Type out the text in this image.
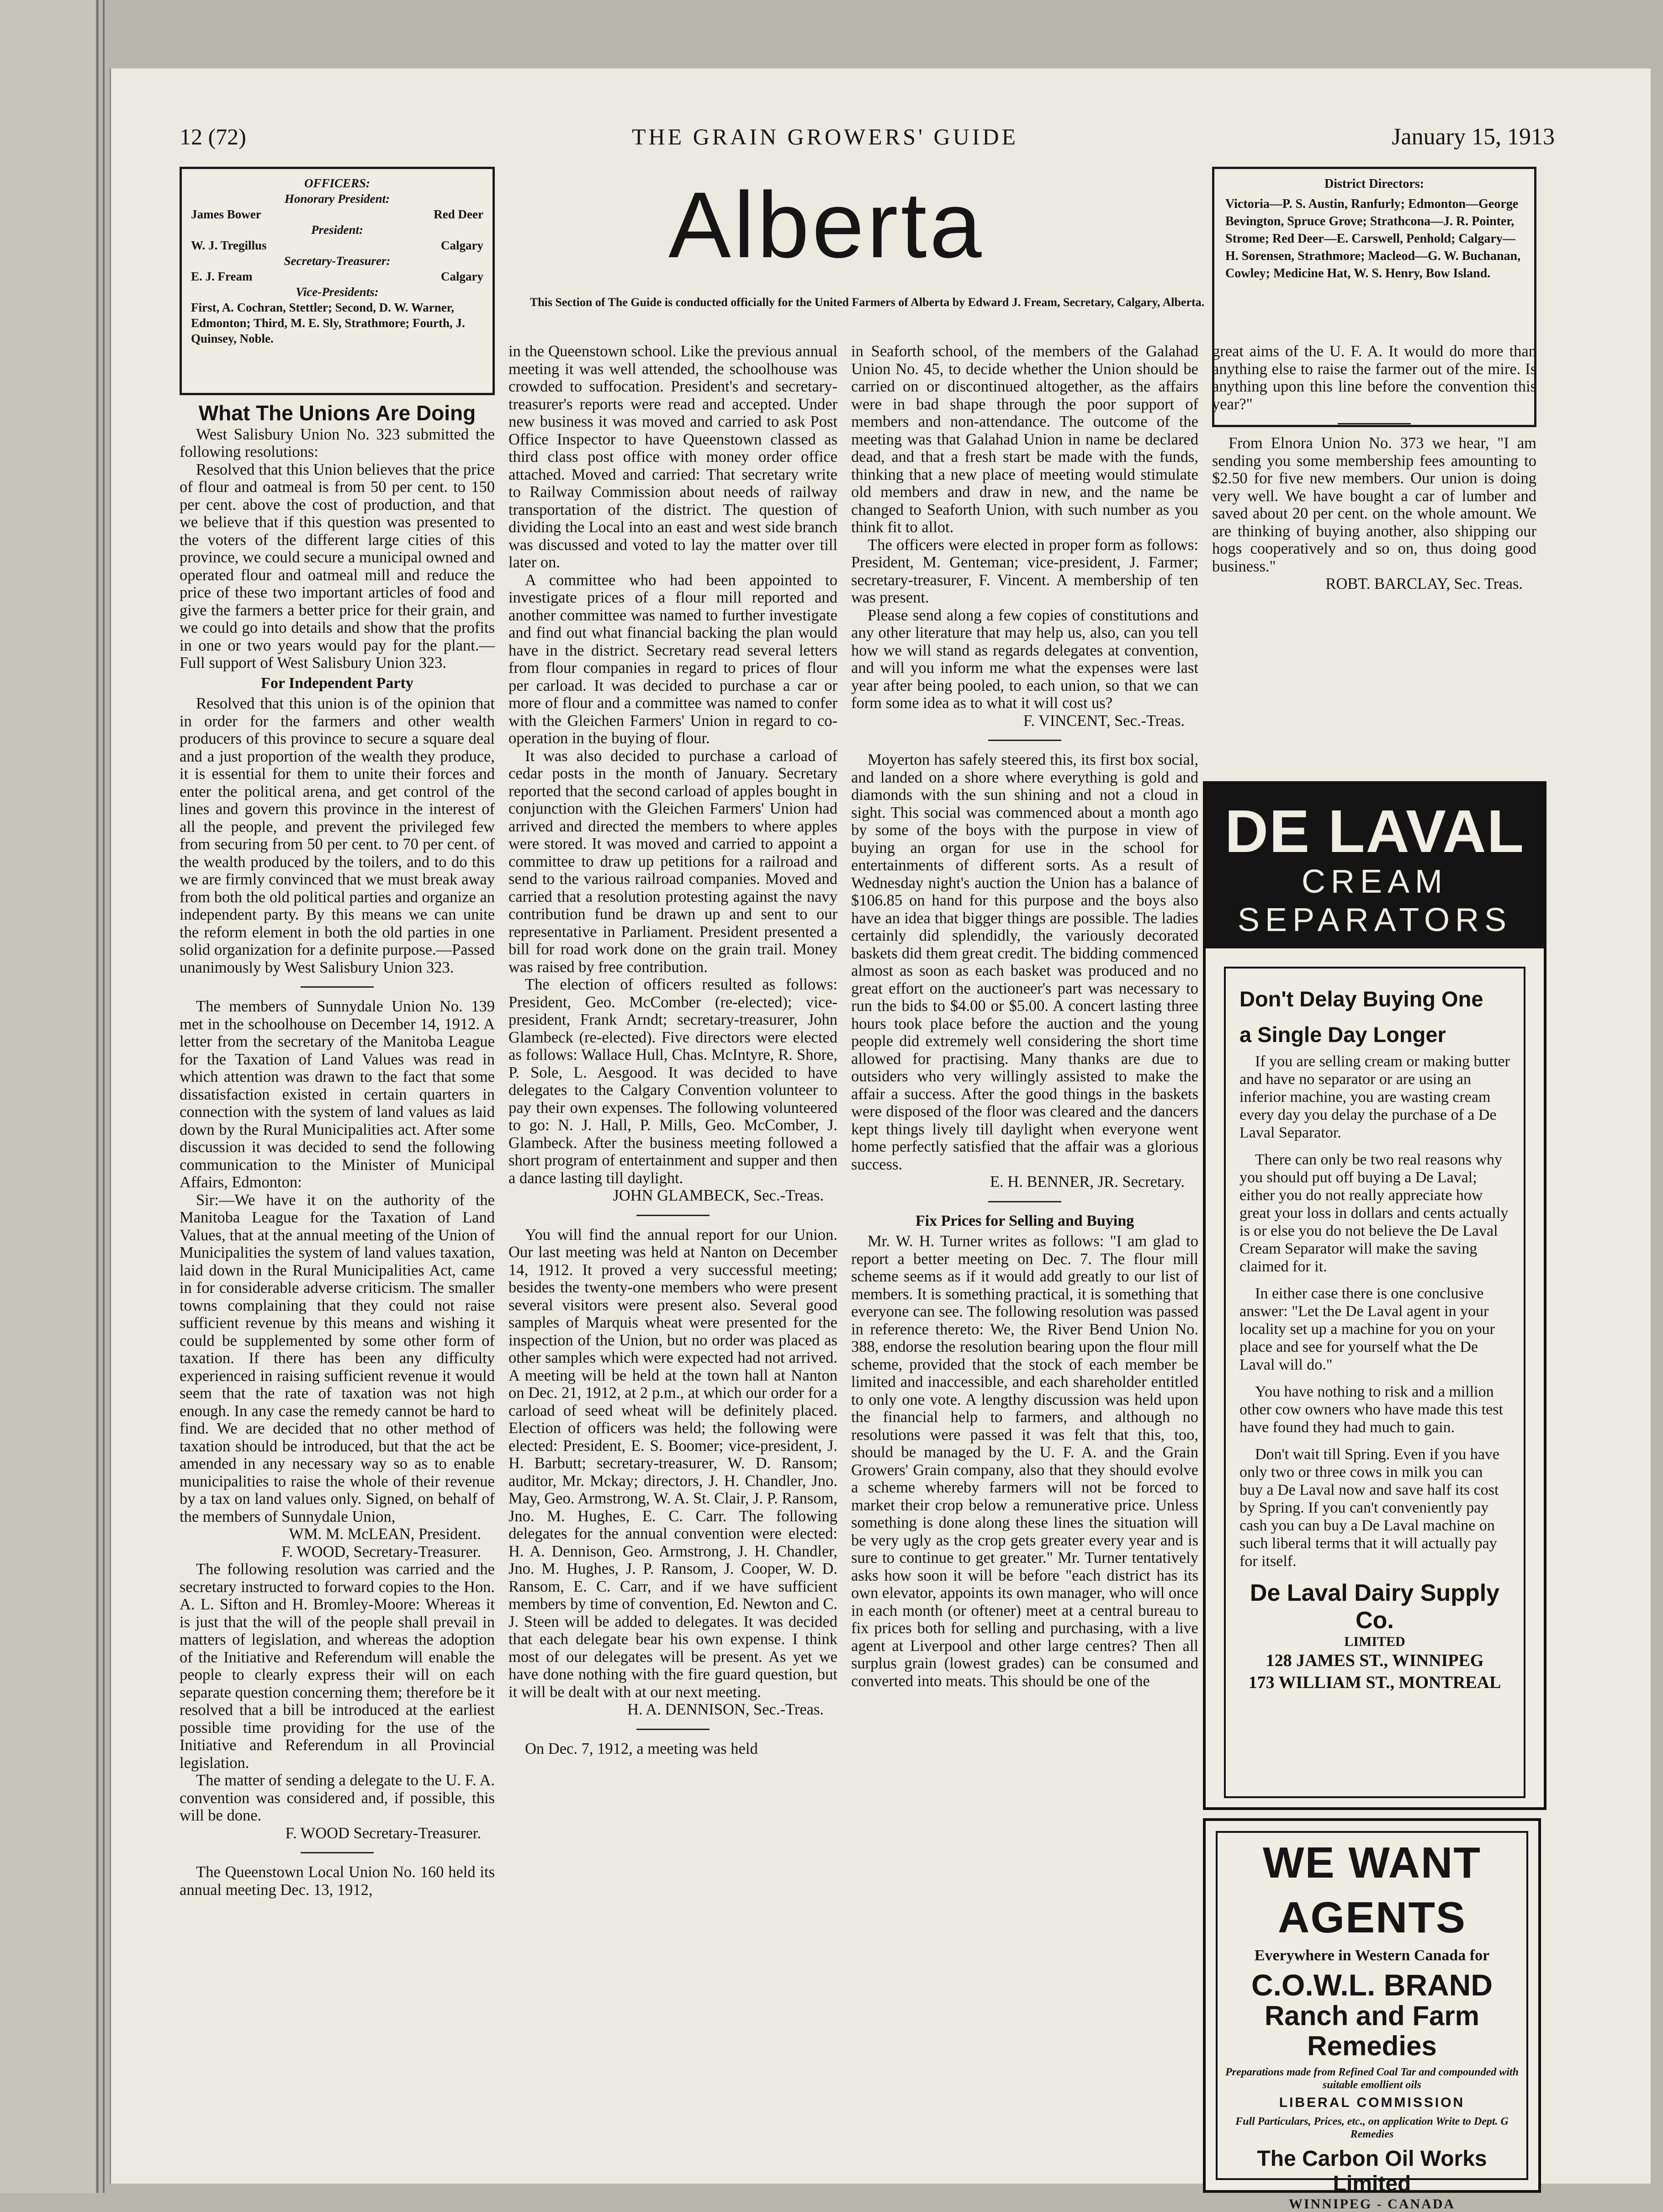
12 (72)	THE GRAIN GROWERS' GUIDE	January 15, 1913
OFFICERS:
Honorary President:
James Bower	Red Deer
President:
W. J. Tregillus	Calgary
Secretary-Treasurer:
E. J. Fream	Calgary
Vice-Presidents:
First, A. Cochran, Stettler; Second, D. W. Warner, Edmonton; Third, M. E. Sly, Strathmore; Fourth, J. Quinsey, Noble.
Alberta
This Section of The Guide is conducted officially for the United Farmers of Alberta by Edward J. Fream, Secretary, Calgary, Alberta.
District Directors:
Victoria—P. S. Austin, Ranfurly; Edmonton—George Bevington, Spruce Grove; Strathcona—J. R. Pointer, Strome; Red Deer—E. Carswell, Penhold; Calgary—H. Sorensen, Strathmore; Macleod—G. W. Buchanan, Cowley; Medicine Hat, W. S. Henry, Bow Island.
What The Unions Are Doing

West Salisbury Union No. 323 submitted the following resolutions:

Resolved that this Union believes that the price of flour and oatmeal is from 50 per cent. to 150 per cent. above the cost of production, and that we believe that if this question was presented to the voters of the different large cities of this province, we could secure a municipal owned and operated flour and oatmeal mill and reduce the price of these two important articles of food and give the farmers a better price for their grain, and we could go into details and show that the profits in one or two years would pay for the plant.—Full support of West Salisbury Union 323.

For Independent Party

Resolved that this union is of the opinion that in order for the farmers and other wealth producers of this province to secure a square deal and a just proportion of the wealth they produce, it is essential for them to unite their forces and enter the political arena, and get control of the lines and govern this province in the interest of all the people, and prevent the privileged few from securing from 50 per cent. to 70 per cent. of the wealth produced by the toilers, and to do this we are firmly convinced that we must break away from both the old political parties and organize an independent party. By this means we can unite the reform element in both the old parties in one solid organization for a definite purpose.—Passed unanimously by West Salisbury Union 323.

The members of Sunnydale Union No. 139 met in the schoolhouse on December 14, 1912. A letter from the secretary of the Manitoba League for the Taxation of Land Values was read in which attention was drawn to the fact that some dissatisfaction existed in certain quarters in connection with the system of land values as laid down by the Rural Municipalities act. After some discussion it was decided to send the following communication to the Minister of Municipal Affairs, Edmonton:

Sir:—We have it on the authority of the Manitoba League for the Taxation of Land Values, that at the annual meeting of the Union of Municipalities the system of land values taxation, laid down in the Rural Municipalities Act, came in for considerable adverse criticism. The smaller towns complaining that they could not raise sufficient revenue by this means and wishing it could be supplemented by some other form of taxation. If there has been any difficulty experienced in raising sufficient revenue it would seem that the rate of taxation was not high enough. In any case the remedy cannot be hard to find. We are decided that no other method of taxation should be introduced, but that the act be amended in any necessary way so as to enable municipalities to raise the whole of their revenue by a tax on land values only. Signed, on behalf of the members of Sunnydale Union,

WM. M. McLEAN, President.

F. WOOD, Secretary-Treasurer.

The following resolution was carried and the secretary instructed to forward copies to the Hon. A. L. Sifton and H. Bromley-Moore: Whereas it is just that the will of the people shall prevail in matters of legislation, and whereas the adoption of the Initiative and Referendum will enable the people to clearly express their will on each separate question concerning them; therefore be it resolved that a bill be introduced at the earliest possible time providing for the use of the Initiative and Referendum in all Provincial legislation.

The matter of sending a delegate to the U. F. A. convention was considered and, if possible, this will be done.

F. WOOD Secretary-Treasurer.

The Queenstown Local Union No. 160 held its annual meeting Dec. 13, 1912,

in the Queenstown school. Like the previous annual meeting it was well attended, the schoolhouse was crowded to suffocation. President's and secretary-treasurer's reports were read and accepted. Under new business it was moved and carried to ask Post Office Inspector to have Queenstown classed as third class post office with money order office attached. Moved and carried: That secretary write to Railway Commission about needs of railway transportation of the district. The question of dividing the Local into an east and west side branch was discussed and voted to lay the matter over till later on.

A committee who had been appointed to investigate prices of a flour mill reported and another committee was named to further investigate and find out what financial backing the plan would have in the district. Secretary read several letters from flour companies in regard to prices of flour per carload. It was decided to purchase a car or more of flour and a committee was named to confer with the Gleichen Farmers' Union in regard to co-operation in the buying of flour.

It was also decided to purchase a carload of cedar posts in the month of January. Secretary reported that the second carload of apples bought in conjunction with the Gleichen Farmers' Union had arrived and directed the members to where apples were stored. It was moved and carried to appoint a committee to draw up petitions for a railroad and send to the various railroad companies. Moved and carried that a resolution protesting against the navy contribution fund be drawn up and sent to our representative in Parliament. President presented a bill for road work done on the grain trail. Money was raised by free contribution.

The election of officers resulted as follows: President, Geo. McComber (re-elected); vice-president, Frank Arndt; secretary-treasurer, John Glambeck (re-elected). Five directors were elected as follows: Wallace Hull, Chas. McIntyre, R. Shore, P. Sole, L. Aesgood. It was decided to have delegates to the Calgary Convention volunteer to pay their own expenses. The following volunteered to go: N. J. Hall, P. Mills, Geo. McComber, J. Glambeck. After the business meeting followed a short program of entertainment and supper and then a dance lasting till daylight.

JOHN GLAMBECK, Sec.-Treas.

You will find the annual report for our Union. Our last meeting was held at Nanton on December 14, 1912. It proved a very successful meeting; besides the twenty-one members who were present several visitors were present also. Several good samples of Marquis wheat were presented for the inspection of the Union, but no order was placed as other samples which were expected had not arrived. A meeting will be held at the town hall at Nanton on Dec. 21, 1912, at 2 p.m., at which our order for a carload of seed wheat will be definitely placed. Election of officers was held; the following were elected: President, E. S. Boomer; vice-president, J. H. Barbutt; secretary-treasurer, W. D. Ransom; auditor, Mr. Mckay; directors, J. H. Chandler, Jno. May, Geo. Armstrong, W. A. St. Clair, J. P. Ransom, Jno. M. Hughes, E. C. Carr. The following delegates for the annual convention were elected: H. A. Dennison, Geo. Armstrong, J. H. Chandler, Jno. M. Hughes, J. P. Ransom, J. Cooper, W. D. Ransom, E. C. Carr, and if we have sufficient members by time of convention, Ed. Newton and C. J. Steen will be added to delegates. It was decided that each delegate bear his own expense. I think most of our delegates will be present. As yet we have done nothing with the fire guard question, but it will be dealt with at our next meeting.

H. A. DENNISON, Sec.-Treas.

On Dec. 7, 1912, a meeting was held

in Seaforth school, of the members of the Galahad Union No. 45, to decide whether the Union should be carried on or discontinued altogether, as the affairs were in bad shape through the poor support of members and non-attendance. The outcome of the meeting was that Galahad Union in name be declared dead, and that a fresh start be made with the funds, thinking that a new place of meeting would stimulate old members and draw in new, and the name be changed to Seaforth Union, with such number as you think fit to allot.

The officers were elected in proper form as follows: President, M. Genteman; vice-president, J. Farmer; secretary-treasurer, F. Vincent. A membership of ten was present.

Please send along a few copies of constitutions and any other literature that may help us, also, can you tell how we will stand as regards delegates at convention, and will you inform me what the expenses were last year after being pooled, to each union, so that we can form some idea as to what it will cost us?

F. VINCENT, Sec.-Treas.

Moyerton has safely steered this, its first box social, and landed on a shore where everything is gold and diamonds with the sun shining and not a cloud in sight. This social was commenced about a month ago by some of the boys with the purpose in view of buying an organ for use in the school for entertainments of different sorts. As a result of Wednesday night's auction the Union has a balance of $106.85 on hand for this purpose and the boys also have an idea that bigger things are possible. The ladies certainly did splendidly, the variously decorated baskets did them great credit. The bidding commenced almost as soon as each basket was produced and no great effort on the auctioneer's part was necessary to run the bids to $4.00 or $5.00. A concert lasting three hours took place before the auction and the young people did extremely well considering the short time allowed for practising. Many thanks are due to outsiders who very willingly assisted to make the affair a success. After the good things in the baskets were disposed of the floor was cleared and the dancers kept things lively till daylight when everyone went home perfectly satisfied that the affair was a glorious success.

E. H. BENNER, JR. Secretary.

Fix Prices for Selling and Buying

Mr. W. H. Turner writes as follows: "I am glad to report a better meeting on Dec. 7. The flour mill scheme seems as if it would add greatly to our list of members. It is something practical, it is something that everyone can see. The following resolution was passed in reference thereto: We, the River Bend Union No. 388, endorse the resolution bearing upon the flour mill scheme, provided that the stock of each member be limited and inaccessible, and each shareholder entitled to only one vote. A lengthy discussion was held upon the financial help to farmers, and although no resolutions were passed it was felt that this, too, should be managed by the U. F. A. and the Grain Growers' Grain company, also that they should evolve a scheme whereby farmers will not be forced to market their crop below a remunerative price. Unless something is done along these lines the situation will be very ugly as the crop gets greater every year and is sure to continue to get greater." Mr. Turner tentatively asks how soon it will be before "each district has its own elevator, appoints its own manager, who will once in each month (or oftener) meet at a central bureau to fix prices both for selling and purchasing, with a live agent at Liverpool and other large centres? Then all surplus grain (lowest grades) can be consumed and converted into meats. This should be one of the

great aims of the U. F. A. It would do more than anything else to raise the farmer out of the mire. Is anything upon this line before the convention this year?"

From Elnora Union No. 373 we hear, "I am sending you some membership fees amounting to $2.50 for five new members. Our union is doing very well. We have bought a car of lumber and saved about 20 per cent. on the whole amount. We are thinking of buying another, also shipping our hogs cooperatively and so on, thus doing good business."

ROBT. BARCLAY, Sec. Treas.

DE LAVAL
CREAM
SEPARATORS
Don't Delay Buying One
a Single Day Longer

If you are selling cream or making butter and have no separator or are using an inferior machine, you are wasting cream every day you delay the purchase of a De Laval Separator.

There can only be two real reasons why you should put off buying a De Laval; either you do not really appreciate how great your loss in dollars and cents actually is or else you do not believe the De Laval Cream Separator will make the saving claimed for it.

In either case there is one conclusive answer: "Let the De Laval agent in your locality set up a machine for you on your place and see for yourself what the De Laval will do."

You have nothing to risk and a million other cow owners who have made this test have found they had much to gain.

Don't wait till Spring. Even if you have only two or three cows in milk you can buy a De Laval now and save half its cost by Spring. If you can't conveniently pay cash you can buy a De Laval machine on such liberal terms that it will actually pay for itself.

De Laval Dairy Supply Co.
LIMITED
128 JAMES ST., WINNIPEG
173 WILLIAM ST., MONTREAL
WE WANT AGENTS
Everywhere in Western Canada for
C.O.W.L. BRAND
Ranch and Farm Remedies
Preparations made from Refined Coal Tar and compounded with suitable emollient oils
LIBERAL COMMISSION
Full Particulars, Prices, etc., on application Write to Dept. G Remedies
The Carbon Oil Works Limited
WINNIPEG - CANADA
